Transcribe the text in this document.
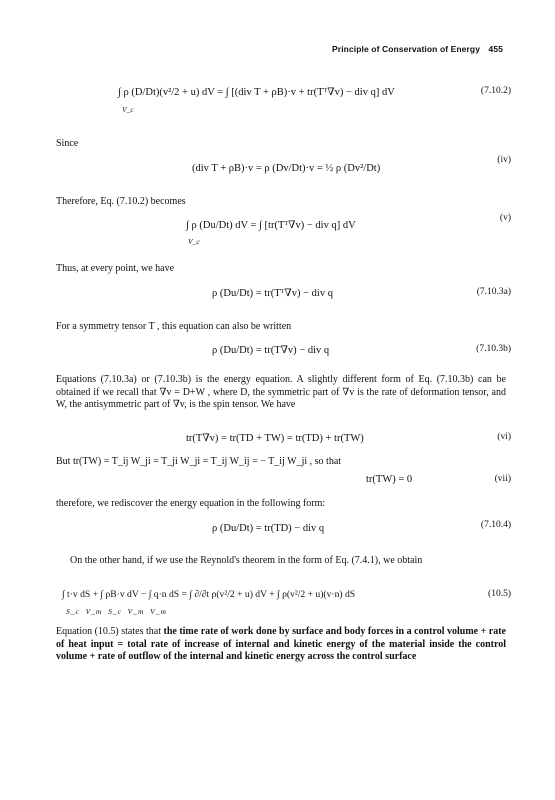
Principle of Conservation of Energy 455
∫ ρ (D/Dt)(v²/2 + u) dV = ∫ [(div T + ρB)·v + tr(Tᵀ∇v) − div q] dV	(7.10.2)
V_c
Since
(div T + ρB)·v = ρ (Dv/Dt)·v = ½ ρ (Dv²/Dt)
(iv)
Therefore, Eq. (7.10.2) becomes
∫ ρ (Du/Dt) dV = ∫ [tr(Tᵀ∇v) − div q] dV
(v)
V_c
Thus, at every point, we have
ρ (Du/Dt) = tr(Tᵀ∇v) − div q	(7.10.3a)
For a symmetry tensor T , this equation can also be written
ρ (Du/Dt) = tr(T∇v) − div q	(7.10.3b)
Equations (7.10.3a) or (7.10.3b) is the energy equation. A slightly different form of Eq. (7.10.3b) can be obtained if we recall that ∇v = D+W , where D, the symmetric part of ∇v is the rate of deformation tensor, and W, the antisymmetric part of ∇v, is the spin tensor. We have
tr(T∇v) = tr(TD + TW) = tr(TD) + tr(TW)	(vi)
But tr(TW) = T_ij W_ji = T_ji W_ji = T_ij W_ij = − T_ij W_ji , so that
tr(TW) = 0	(vii)
therefore, we rediscover the energy equation in the following form:
ρ (Du/Dt) = tr(TD) − div q	(7.10.4)
On the other hand, if we use the Reynold's theorem in the form of Eq. (7.4.1), we obtain
∫ t·v dS + ∫ ρB·v dV − ∫ q·n dS = ∫ ∂/∂t ρ(v²/2 + u) dV + ∫ ρ(v²/2 + u)(v·n) dS	(10.5)
S_c  V_m  S_c  V_m  V_m
Equation (10.5) states that the time rate of work done by surface and body forces in a control volume + rate of heat input = total rate of increase of internal and kinetic energy of the material inside the control volume + rate of outflow of the internal and kinetic energy across the control surface
